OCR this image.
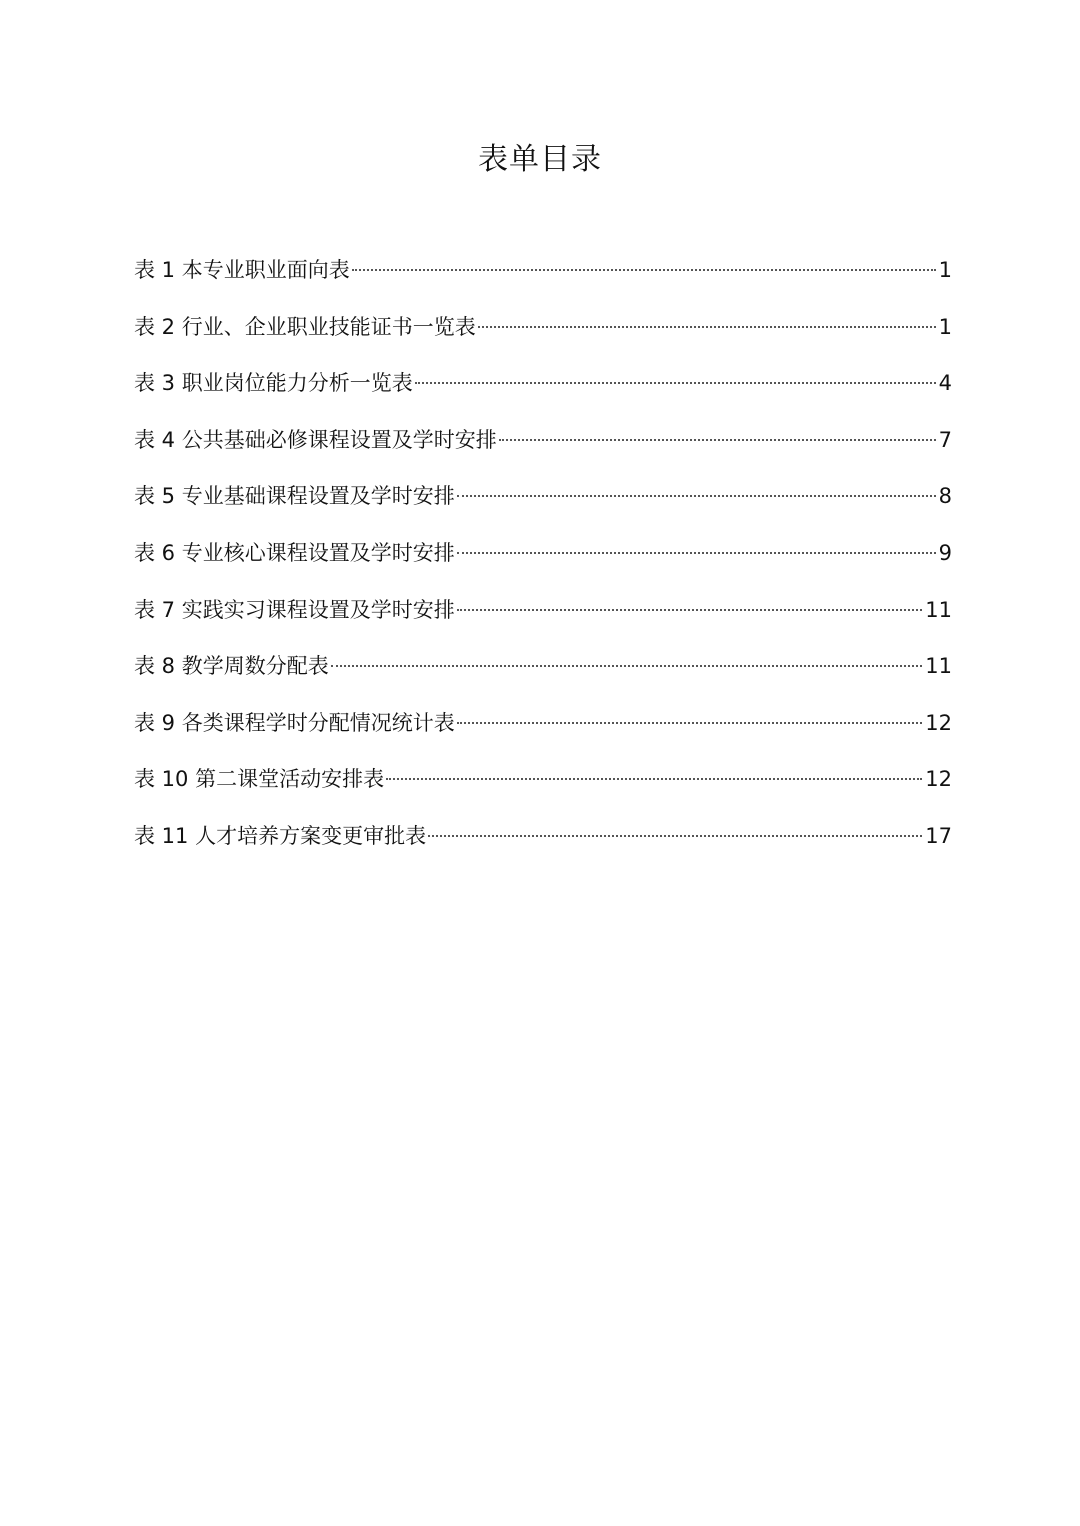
表单目录
表 1 本专业职业面向表	1
表 2 行业、企业职业技能证书一览表	1
表 3 职业岗位能力分析一览表	4
表 4 公共基础必修课程设置及学时安排	7
表 5 专业基础课程设置及学时安排	8
表 6 专业核心课程设置及学时安排	9
表 7 实践实习课程设置及学时安排	11
表 8 教学周数分配表	11
表 9 各类课程学时分配情况统计表	12
表 10 第二课堂活动安排表	12
表 11 人才培养方案变更审批表	17
